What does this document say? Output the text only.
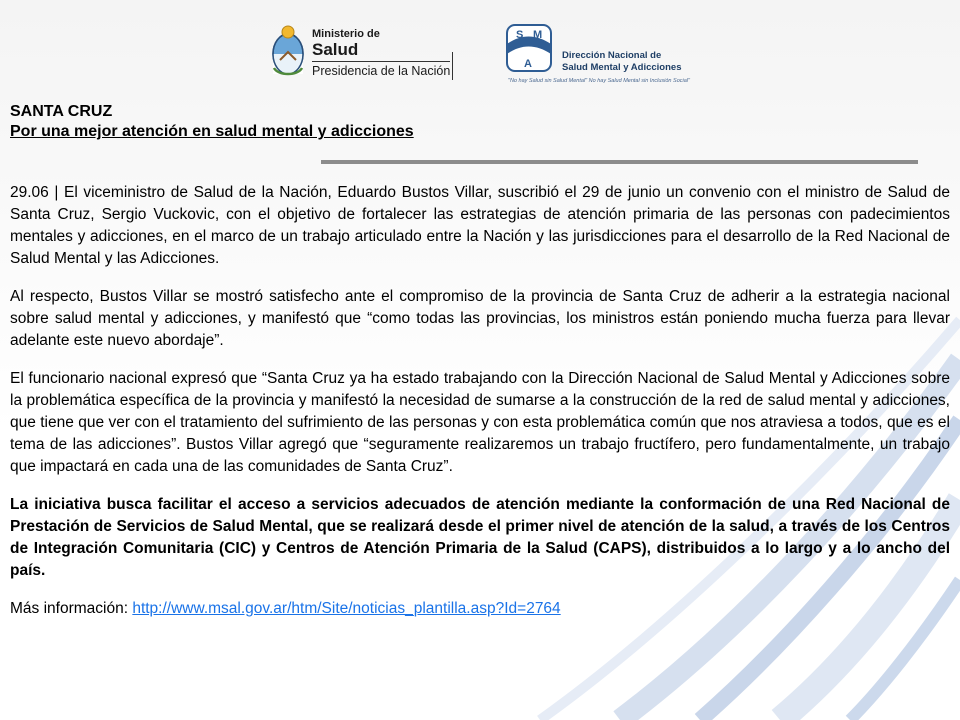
Ministerio de
Salud
Presidencia de la Nación
S M
A
Dirección Nacional de
Salud Mental y Adicciones
"No hay Salud sin Salud Mental" No hay Salud Mental sin Inclusión Social"
SANTA CRUZ
Por una mejor atención en salud mental y adicciones

29.06 | El viceministro de Salud de la Nación, Eduardo Bustos Villar, suscribió el 29 de junio un convenio con el ministro de Salud de Santa Cruz, Sergio Vuckovic, con el objetivo de fortalecer las estrategias de atención primaria de las personas con padecimientos mentales y adicciones, en el marco de un trabajo articulado entre la Nación y las jurisdicciones para el desarrollo de la Red Nacional de Salud Mental y las Adicciones.

Al respecto, Bustos Villar se mostró satisfecho ante el compromiso de la provincia de Santa Cruz de adherir a la estrategia nacional sobre salud mental y adicciones, y manifestó que “como todas las provincias, los ministros están poniendo mucha fuerza para llevar adelante este nuevo abordaje”.

El funcionario nacional expresó que “Santa Cruz ya ha estado trabajando con la Dirección Nacional de Salud Mental y Adicciones sobre la problemática específica de la provincia y manifestó la necesidad de sumarse a la construcción de la red de salud mental y adicciones, que tiene que ver con el tratamiento del sufrimiento de las personas y con esta problemática común que nos atraviesa a todos, que es el tema de las adicciones”. Bustos Villar agregó que “seguramente realizaremos un trabajo fructífero, pero fundamentalmente, un trabajo que impactará en cada una de las comunidades de Santa Cruz”.

La iniciativa busca facilitar el acceso a servicios adecuados de atención mediante la conformación de una Red Nacional de Prestación de Servicios de Salud Mental, que se realizará desde el primer nivel de atención de la salud, a través de los Centros de Integración Comunitaria (CIC) y Centros de Atención Primaria de la Salud (CAPS), distribuidos a lo largo y a lo ancho del país.

Más información: http://www.msal.gov.ar/htm/Site/noticias_plantilla.asp?Id=2764
